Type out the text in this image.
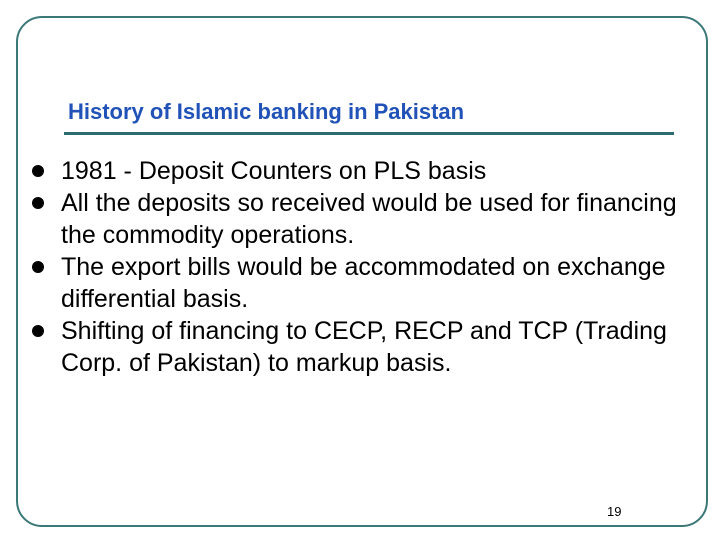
History of Islamic banking in Pakistan
1981 - Deposit Counters on PLS basis
All the deposits so received would be used for financing the commodity operations.
The export bills would be accommodated on exchange differential basis.
Shifting of financing to CECP, RECP and TCP (Trading Corp. of Pakistan) to markup basis.
19
